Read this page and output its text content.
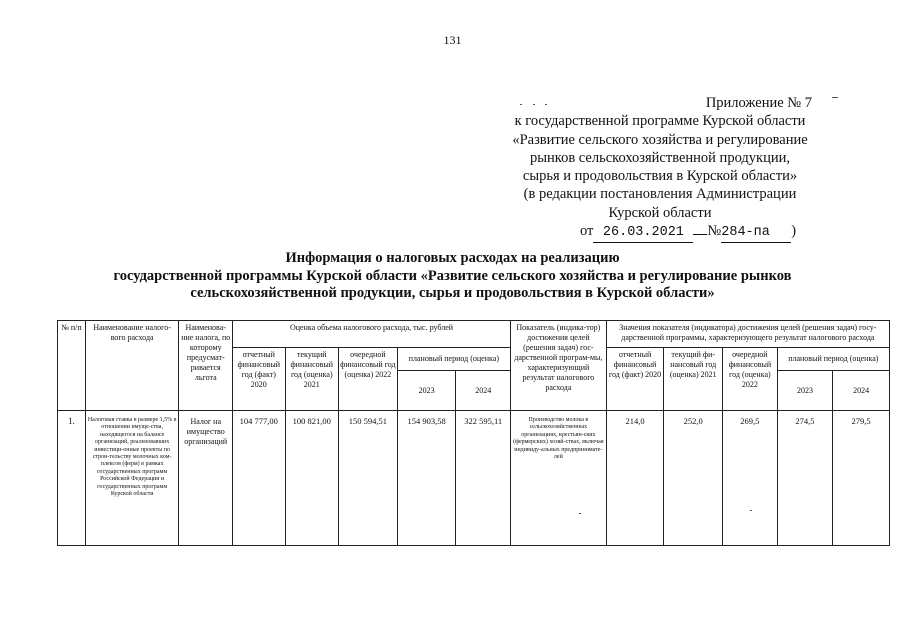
131
Приложение № 7
к государственной программе Курской области
«Развитие сельского хозяйства и регулирование
рынков сельскохозяйственной продукции,
сырья и продовольствия в Курской области»
(в редакции постановления Администрации
Курской области
от 26.03.2021 №284-па )
Информация о налоговых расходах на реализацию
государственной программы Курской области «Развитие сельского хозяйства и регулирование рынков
сельскохозяйственной продукции, сырья и продовольствия в Курской области»
№ п/п	Наименование налого-вого расхода	Наименова-ние налога, по которому предусмат-ривается льгота	Оценка объема налогового расхода, тыс. рублей					Показатель (индика-тор) достижения целей (решения задач) гос-дарственной програм-мы, характеризующий результат налогового расхода	Значения показателя (индикатора) достижения целей (решения задач) госу-дарственной программы, характеризующего результат налогового расхода				
			отчетный финансовый год (факт) 2020	текущий финансовый год (оценка) 2021	очередной финансовый год (оценка) 2022	плановый период (оценка)			отчетный финансовый год (факт) 2020	текущий фи-нансовый год (оценка) 2021	очередной финансовый год (оценка) 2022	плановый период (оценка)	
						2023	2024					2023	2024
1.	Налоговая ставка в размере 1,5% в отношении имуще-ства, находящегося на балансе организаций, реализовавших инвестици-онные проекты по строи-тельству молочных ком-плексов (ферм) в рамках государственных программ Российской Федерации и государственных программ Курской области	Налог на имущество организаций	104 777,00	100 821,00	150 594,51	154 903,58	322 595,11	Производство молока в сельскохозяйственных организациях, крестьян-ских (фермерских) хозяй-ствах, включая индивиду-альных предпринимате-лей	214,0	252,0	269,5	274,5	279,5
